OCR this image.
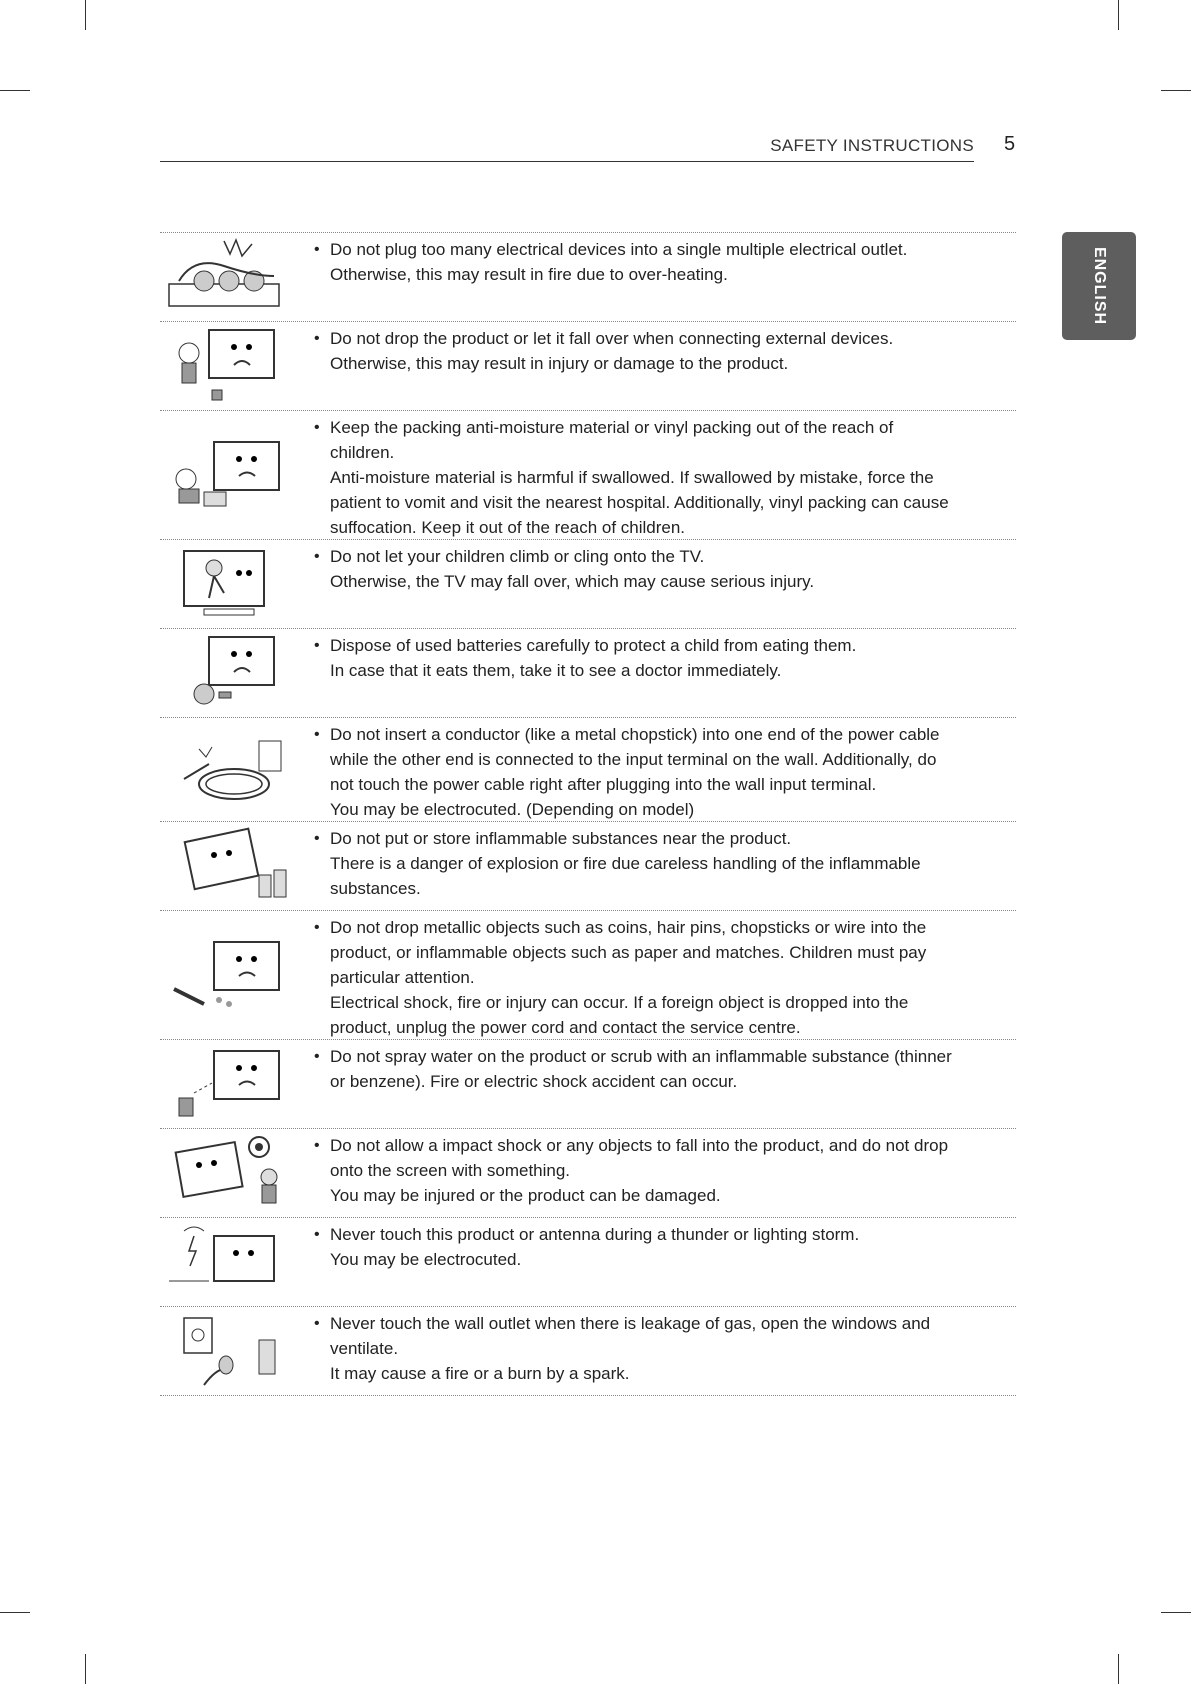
SAFETY INSTRUCTIONS 5
ENGLISH
• Do not plug too many electrical devices into a single multiple electrical outlet.
Otherwise, this may result in fire due to over-heating.
• Do not drop the product or let it fall over when connecting external devices.
Otherwise, this may result in injury or damage to the product.
• Keep the packing anti-moisture material or vinyl packing out of the reach of
children.
Anti-moisture material is harmful if swallowed. If swallowed by mistake, force the
patient to vomit and visit the nearest hospital. Additionally, vinyl packing can cause
suffocation. Keep it out of the reach of children.
• Do not let your children climb or cling onto the TV.
Otherwise, the TV may fall over, which may cause serious injury.
• Dispose of used batteries carefully to protect a child from eating them.
In case that it eats them, take it to see a doctor immediately.
• Do not insert a conductor (like a metal chopstick) into one end of the power cable
while the other end is connected to the input terminal on the wall. Additionally, do
not touch the power cable right after plugging into the wall input terminal.
You may be electrocuted. (Depending on model)
• Do not put or store inflammable substances near the product.
There is a danger of explosion or fire due careless handling of the inflammable
substances.
• Do not drop metallic objects such as coins, hair pins, chopsticks or wire into the
product, or inflammable objects such as paper and matches. Children must pay
particular attention.
Electrical shock, fire or injury can occur. If a foreign object is dropped into the
product, unplug the power cord and contact the service centre.
• Do not spray water on the product or scrub with an inflammable substance (thinner
or benzene). Fire or electric shock accident can occur.
• Do not allow a impact shock or any objects to fall into the product, and do not drop
onto the screen with something.
You may be injured or the product can be damaged.
• Never touch this product or antenna during a thunder or lighting storm.
You may be electrocuted.
• Never touch the wall outlet when there is leakage of gas, open the windows and
ventilate.
It may cause a fire or a burn by a spark.
